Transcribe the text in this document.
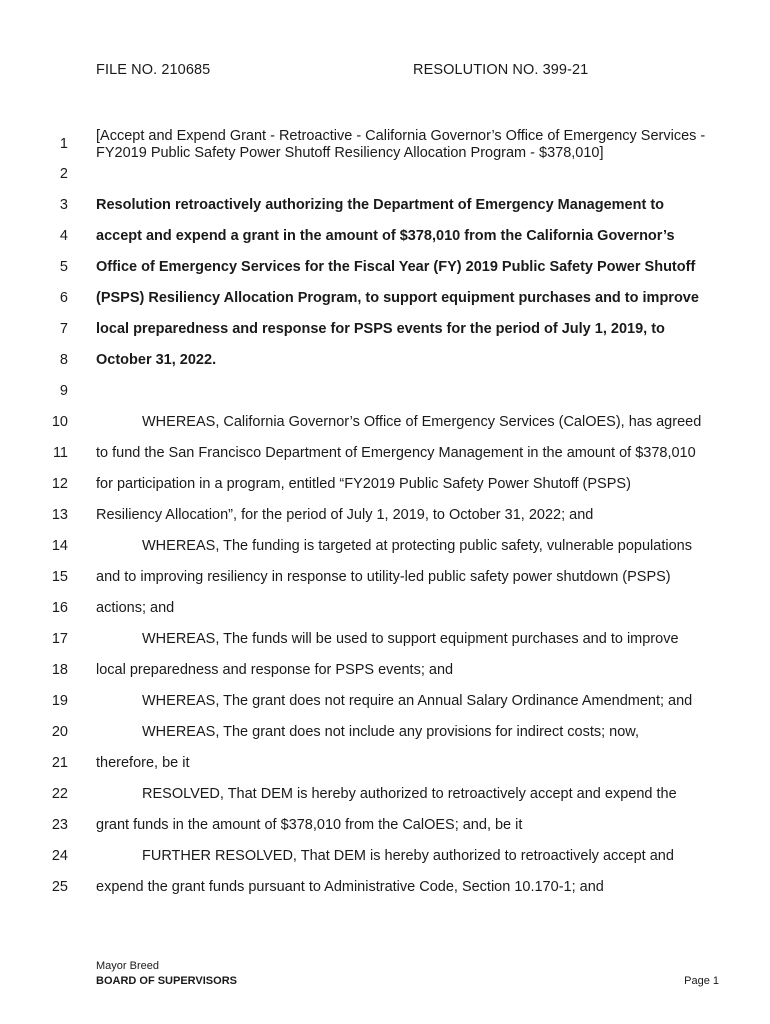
FILE NO. 210685	RESOLUTION NO. 399-21
1
2
3
4
5
6
7
8
9
10
11
12
13
14
15
16
17
18
19
20
21
22
23
24
25
[Accept and Expend Grant - Retroactive - California Governor’s Office of Emergency Services - FY2019 Public Safety Power Shutoff Resiliency Allocation Program - $378,010]
Resolution retroactively authorizing the Department of Emergency Management to
accept and expend a grant in the amount of $378,010 from the California Governor’s
Office of Emergency Services for the Fiscal Year (FY) 2019 Public Safety Power Shutoff
(PSPS) Resiliency Allocation Program, to support equipment purchases and to improve
local preparedness and response for PSPS events for the period of July 1, 2019, to
October 31, 2022.
WHEREAS, California Governor’s Office of Emergency Services (CalOES), has agreed
to fund the San Francisco Department of Emergency Management in the amount of $378,010
for participation in a program, entitled “FY2019 Public Safety Power Shutoff (PSPS)
Resiliency Allocation”, for the period of July 1, 2019, to October 31, 2022; and
WHEREAS, The funding is targeted at protecting public safety, vulnerable populations
and to improving resiliency in response to utility-led public safety power shutdown (PSPS)
actions; and
WHEREAS, The funds will be used to support equipment purchases and to improve
local preparedness and response for PSPS events; and
WHEREAS, The grant does not require an Annual Salary Ordinance Amendment; and
WHEREAS, The grant does not include any provisions for indirect costs; now,
therefore, be it
RESOLVED, That DEM is hereby authorized to retroactively accept and expend the
grant funds in the amount of $378,010 from the CalOES; and, be it
FURTHER RESOLVED, That DEM is hereby authorized to retroactively accept and
expend the grant funds pursuant to Administrative Code, Section 10.170-1; and
Mayor Breed
BOARD OF SUPERVISORS	Page 1
